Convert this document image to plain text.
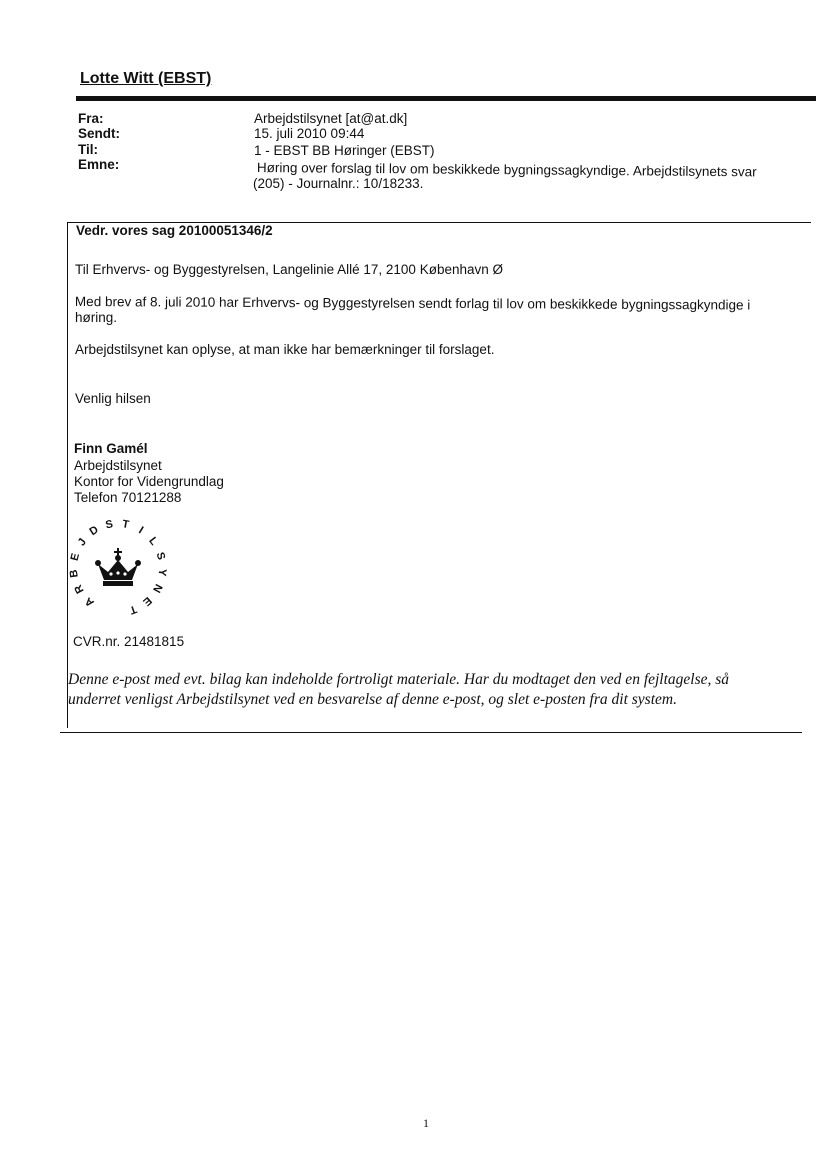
Lotte Witt (EBST)
Fra:	Arbejdstilsynet [at@at.dk]
Sendt:	15. juli 2010 09:44
Til:	1 - EBST BB Høringer (EBST)
Emne:	Høring over forslag til lov om beskikkede bygningssagkyndige. Arbejdstilsynets svar
(205) - Journalnr.: 10/18233.
Vedr. vores sag 20100051346/2
Til Erhvervs- og Byggestyrelsen, Langelinie Allé 17, 2100 København Ø
Med brev af 8. juli 2010 har Erhvervs- og Byggestyrelsen sendt forlag til lov om beskikkede bygningssagkyndige i
høring.
Arbejdstilsynet kan oplyse, at man ikke har bemærkninger til forslaget.
Venlig hilsen
Finn Gamél
Arbejdstilsynet
Kontor for Videngrundlag
Telefon 70121288
A
R
B
E
J
D S T I
L
S
Y
N
E
T
CVR.nr. 21481815
Denne e-post med evt. bilag kan indeholde fortroligt materiale. Har du modtaget den ved en fejltagelse, så
underret venligst Arbejdstilsynet ved en besvarelse af denne e-post, og slet e-posten fra dit system.
1
